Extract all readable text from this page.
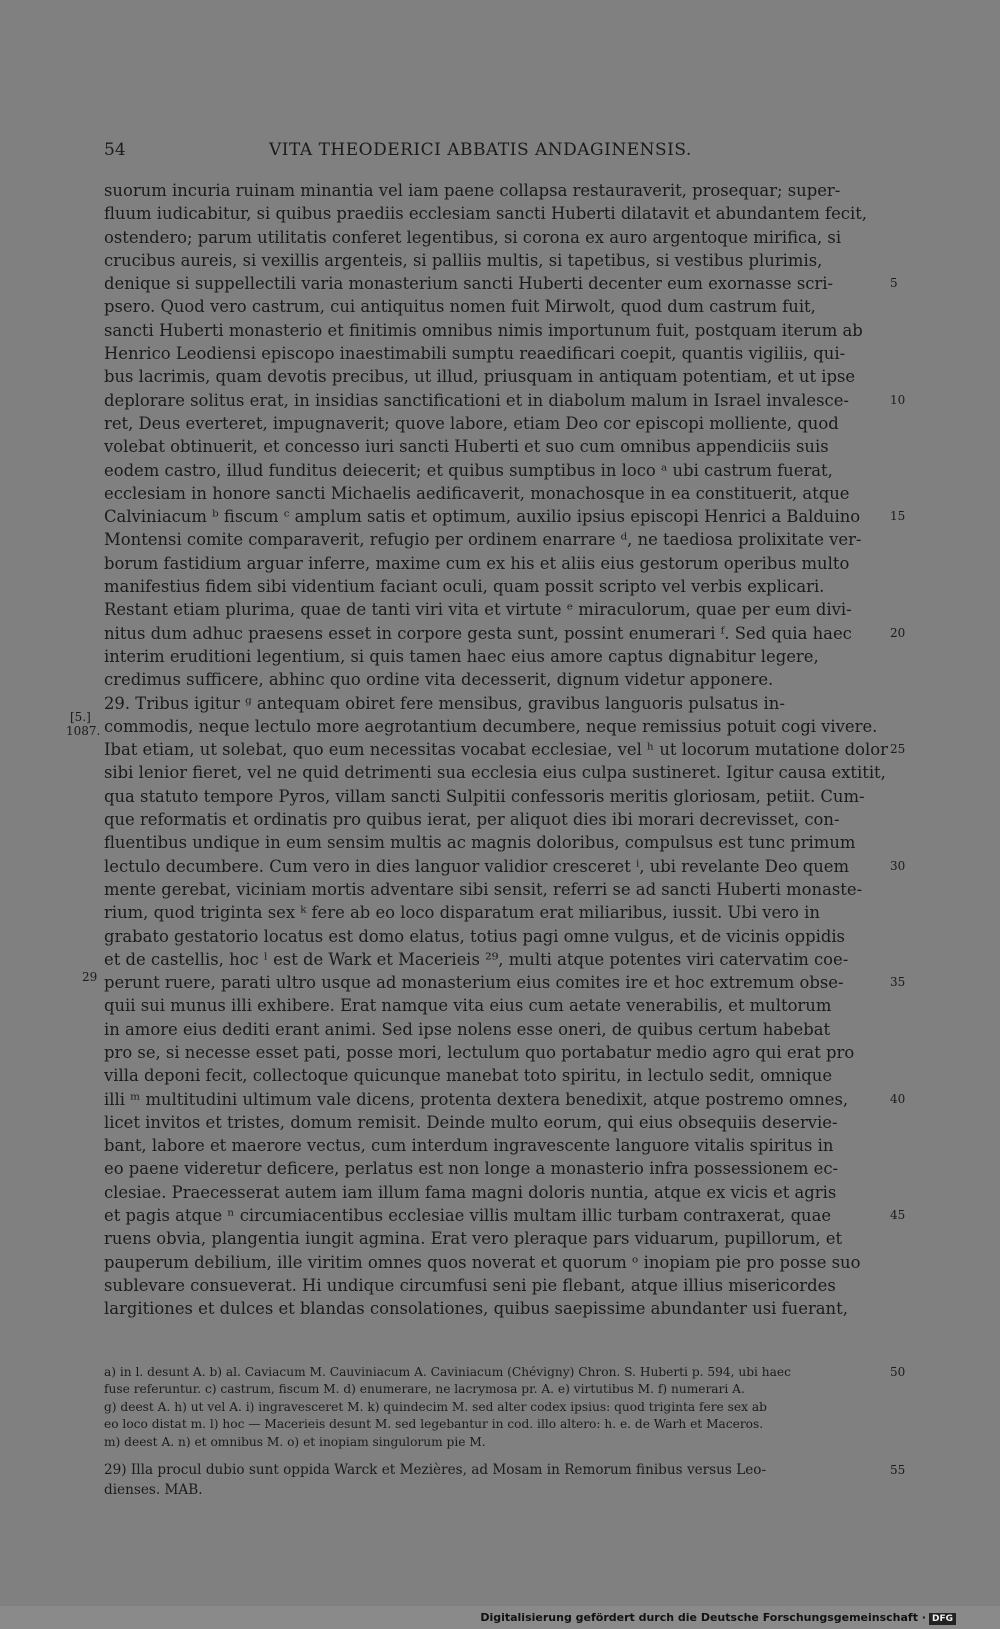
54	VITA THEODERICI ABBATIS ANDAGINENSIS.
[5.]
1087.
29
suorum incuria ruinam minantia vel iam paene collapsa restauraverit, prosequar; super-
fluum iudicabitur, si quibus praediis ecclesiam sancti Huberti dilatavit et abundantem fecit,
ostendero; parum utilitatis conferet legentibus, si corona ex auro argentoque mirifica, si
crucibus aureis, si vexillis argenteis, si palliis multis, si tapetibus, si vestibus plurimis,
denique si suppellectili varia monasterium sancti Huberti decenter eum exornasse scri-	5
psero. Quod vero castrum, cui antiquitus nomen fuit Mirwolt, quod dum castrum fuit,
sancti Huberti monasterio et finitimis omnibus nimis importunum fuit, postquam iterum ab
Henrico Leodiensi episcopo inaestimabili sumptu reaedificari coepit, quantis vigiliis, qui-
bus lacrimis, quam devotis precibus, ut illud, priusquam in antiquam potentiam, et ut ipse
deplorare solitus erat, in insidias sanctificationi et in diabolum malum in Israel invalesce-	10
ret, Deus everteret, impugnaverit; quove labore, etiam Deo cor episcopi molliente, quod
volebat obtinuerit, et concesso iuri sancti Huberti et suo cum omnibus appendiciis suis
eodem castro, illud funditus deiecerit; et quibus sumptibus in loco ᵃ ubi castrum fuerat,
ecclesiam in honore sancti Michaelis aedificaverit, monachosque in ea constituerit, atque
Calviniacum ᵇ fiscum ᶜ amplum satis et optimum, auxilio ipsius episcopi Henrici a Balduino 15
Montensi comite comparaverit, refugio per ordinem enarrare ᵈ, ne taediosa prolixitate ver-
borum fastidium arguar inferre, maxime cum ex his et aliis eius gestorum operibus multo
manifestius fidem sibi videntium faciant oculi, quam possit scripto vel verbis explicari.
Restant etiam plurima, quae de tanti viri vita et virtute ᵉ miraculorum, quae per eum divi-
nitus dum adhuc praesens esset in corpore gesta sunt, possint enumerari ᶠ. Sed quia haec	20
interim eruditioni legentium, si quis tamen haec eius amore captus dignabitur legere,
credimus sufficere, abhinc quo ordine vita decesserit, dignum videtur apponere.
29. Tribus igitur ᵍ antequam obiret fere mensibus, gravibus languoris pulsatus in-
commodis, neque lectulo more aegrotantium decumbere, neque remissius potuit cogi vivere.
Ibat etiam, ut solebat, quo eum necessitas vocabat ecclesiae, vel ʰ ut locorum mutatione dolor 25
sibi lenior fieret, vel ne quid detrimenti sua ecclesia eius culpa sustineret. Igitur causa extitit,
qua statuto tempore Pyros, villam sancti Sulpitii confessoris meritis gloriosam, petiit. Cum-
que reformatis et ordinatis pro quibus ierat, per aliquot dies ibi morari decrevisset, con-
fluentibus undique in eum sensim multis ac magnis doloribus, compulsus est tunc primum
lectulo decumbere. Cum vero in dies languor validior cresceret ⁱ, ubi revelante Deo quem	30
mente gerebat, viciniam mortis adventare sibi sensit, referri se ad sancti Huberti monaste-
rium, quod triginta sex ᵏ fere ab eo loco disparatum erat miliaribus, iussit. Ubi vero in
grabato gestatorio locatus est domo elatus, totius pagi omne vulgus, et de vicinis oppidis
et de castellis, hoc ˡ est de Wark et Macerieis ²⁹, multi atque potentes viri catervatim coe-
perunt ruere, parati ultro usque ad monasterium eius comites ire et hoc extremum obse-	35
quii sui munus illi exhibere. Erat namque vita eius cum aetate venerabilis, et multorum
in amore eius dediti erant animi. Sed ipse nolens esse oneri, de quibus certum habebat
pro se, si necesse esset pati, posse mori, lectulum quo portabatur medio agro qui erat pro
villa deponi fecit, collectoque quicunque manebat toto spiritu, in lectulo sedit, omnique
illi ᵐ multitudini ultimum vale dicens, protenta dextera benedixit, atque postremo omnes,	40
licet invitos et tristes, domum remisit. Deinde multo eorum, qui eius obsequiis deservie-
bant, labore et maerore vectus, cum interdum ingravescente languore vitalis spiritus in
eo paene videretur deficere, perlatus est non longe a monasterio infra possessionem ec-
clesiae. Praecesserat autem iam illum fama magni doloris nuntia, atque ex vicis et agris
et pagis atque ⁿ circumiacentibus ecclesiae villis multam illic turbam contraxerat, quae	45
ruens obvia, plangentia iungit agmina. Erat vero pleraque pars viduarum, pupillorum, et
pauperum debilium, ille viritim omnes quos noverat et quorum ᵒ inopiam pie pro posse suo
sublevare consueverat. Hi undique circumfusi seni pie flebant, atque illius misericordes
largitiones et dulces et blandas consolationes, quibus saepissime abundanter usi fuerant,
a) in l. desunt A. b) al. Caviacum M. Cauviniacum A. Caviniacum (Chévigny) Chron. S. Huberti p. 594, ubi haec	50
fuse referuntur. c) castrum, fiscum M. d) enumerare, ne lacrymosa pr. A. e) virtutibus M. f) numerari A.
g) deest A. h) ut vel A. i) ingravesceret M. k) quindecim M. sed alter codex ipsius: quod triginta fere sex ab
eo loco distat m. l) hoc — Macerieis desunt M. sed legebantur in cod. illo altero: h. e. de Warh et Maceros.
m) deest A. n) et omnibus M. o) et inopiam singulorum pie M.
29) Illa procul dubio sunt oppida Warck et Mezières, ad Mosam in Remorum finibus versus Leo-	55
dienses. MAB.
Digitalisierung gefördert durch die Deutsche Forschungsgemeinschaft · DFG
